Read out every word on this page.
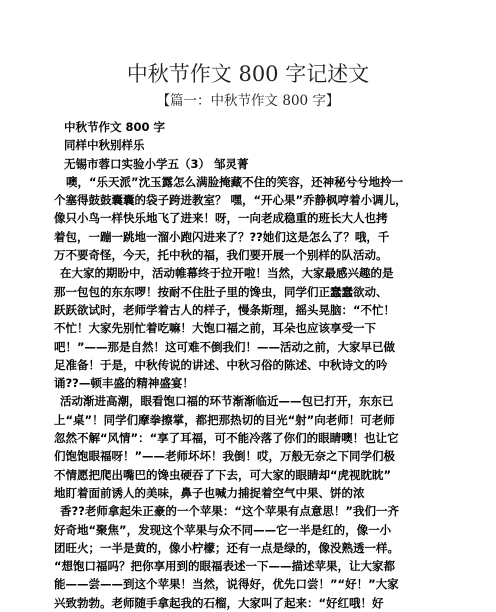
中秋节作文 800 字记述文
【篇一：中秋节作文 800 字】
中秋节作文 800 字
同样中秋别样乐
无锡市蓉口实验小学五（3） 邹灵菁
噢，“乐天派”沈玉露怎么满脸掩藏不住的笑容，还神秘兮兮地拎一
个塞得鼓鼓囊囊的袋子跨进教室？ 嘿，“开心果”乔静枫哼着小调儿，
像只小鸟一样快乐地飞了进来！呀，一向老成稳重的班长大人也拷
着包，一蹦一跳地一溜小跑闪进来了？??她们这是怎么了？哦，千
万不要奇怪，今天，托中秋的福，我们要开展一个别样的队活动。
在大家的期盼中，活动帷幕终于拉开啦！当然，大家最感兴趣的是
那一包包的东东啰！按耐不住肚子里的馋虫，同学们正蠢蠢欲动、
跃跃欲试时，老师学着古人的样子，慢条斯理，摇头晃脑：“不忙！
不忙！大家先别忙着吃嘛！大饱口福之前，耳朵也应该享受一下
吧！”——那是自然！这可难不倒我们！——活动之前，大家早已做
足准备！于是，中秋传说的讲述、中秋习俗的陈述、中秋诗文的吟
诵??—顿丰盛的精神盛宴！
活动渐进高潮，眼看饱口福的环节渐渐临近——包已打开，东东已
上“桌”！同学们摩拳擦掌，都把那热切的目光“射”向老师！可老师
忽然不解“风情”：“享了耳福，可不能冷落了你们的眼睛噢！也让它
们饱饱眼福呀！”——老师坏坏！我倒！哎，万般无奈之下同学们极
不情愿把爬出嘴巴的馋虫硬吞了下去，可大家的眼睛却“虎视眈眈”
地盯着面前诱人的美味，鼻子也喊力捕捉着空气中果、饼的浓
香??老师拿起朱正豪的一个苹果：“这个苹果有点意思！”我们一齐
好奇地“聚焦”，发现这个苹果与众不同——它一半是红的，像一小
团旺火；一半是黄的，像小柠檬；还有一点是绿的，像没熟透一样。
“想饱口福吗？把你享用到的眼福表述一下——描述苹果，让大家都
能——尝——到这个苹果！当然，说得好，优先口尝！”“好！”大家
兴致勃勃。老师随手拿起我的石榴，大家叫了起来：“好红哦！好
